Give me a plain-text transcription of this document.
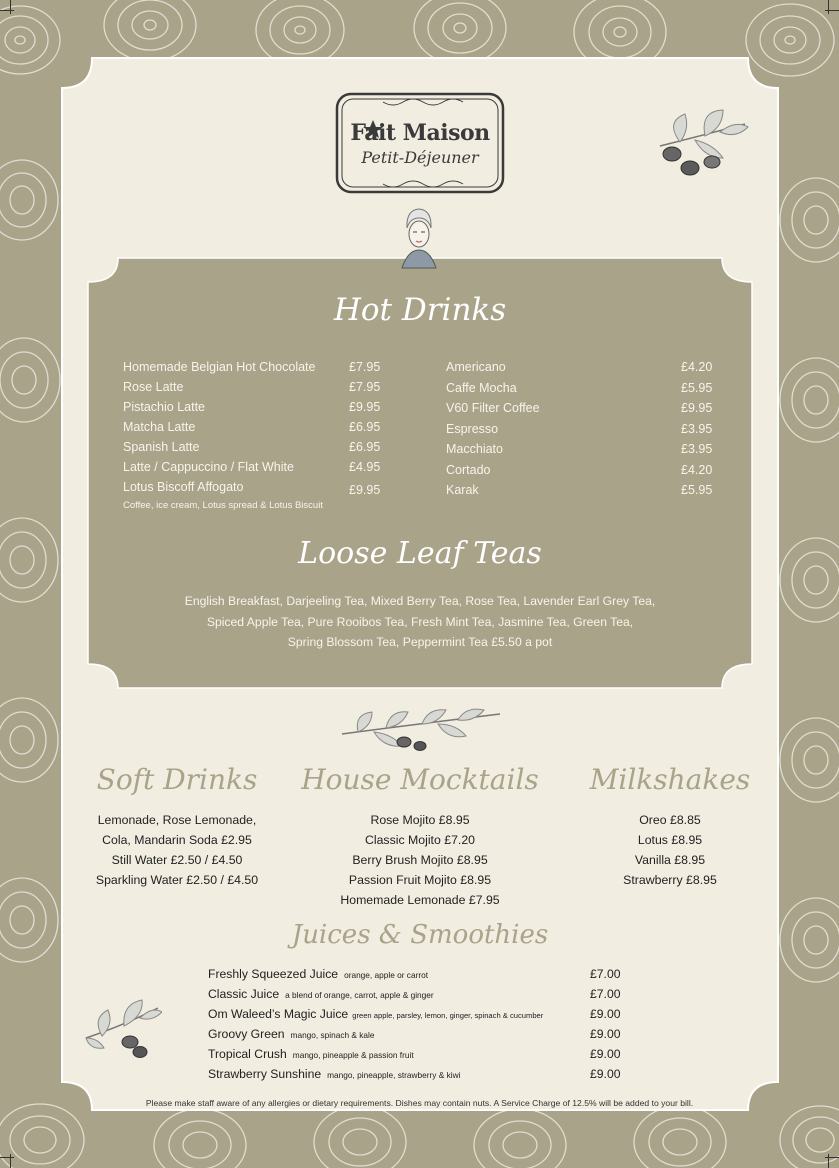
Fait Maison
Petit-Déjeuner
Hot Drinks
Homemade Belgian Hot Chocolate	£7.95
Rose Latte	£7.95
Pistachio Latte	£9.95
Matcha Latte	£6.95
Spanish Latte	£6.95
Latte / Cappuccino / Flat White	£4.95
Lotus Biscoff Affogato	£9.95
Coffee, ice cream, Lotus spread & Lotus Biscuit
Americano	£4.20
Caffe Mocha	£5.95
V60 Filter Coffee	£9.95
Espresso	£3.95
Macchiato	£3.95
Cortado	£4.20
Karak	£5.95
Loose Leaf Teas
English Breakfast, Darjeeling Tea, Mixed Berry Tea, Rose Tea, Lavender Earl Grey Tea,
Spiced Apple Tea, Pure Rooibos Tea, Fresh Mint Tea, Jasmine Tea, Green Tea,
Spring Blossom Tea, Peppermint Tea £5.50 a pot
Soft Drinks
Lemonade, Rose Lemonade,
Cola, Mandarin Soda £2.95
Still Water £2.50 / £4.50
Sparkling Water £2.50 / £4.50
House Mocktails
Rose Mojito £8.95
Classic Mojito £7.20
Berry Brush Mojito £8.95
Passion Fruit Mojito £8.95
Homemade Lemonade £7.95
Milkshakes
Oreo £8.85
Lotus £8.95
Vanilla £8.95
Strawberry £8.95
Juices & Smoothies
Freshly Squeezed Juice orange, apple or carrot	£7.00
Classic Juice a blend of orange, carrot, apple & ginger	£7.00
Om Waleed’s Magic Juice green apple, parsley, lemon, ginger, spinach & cucumber	£9.00
Groovy Green mango, spinach & kale	£9.00
Tropical Crush mango, pineapple & passion fruit	£9.00
Strawberry Sunshine mango, pineapple, strawberry & kiwi	£9.00
Please make staff aware of any allergies or dietary requirements. Dishes may contain nuts. A Service Charge of 12.5% will be added to your bill.
